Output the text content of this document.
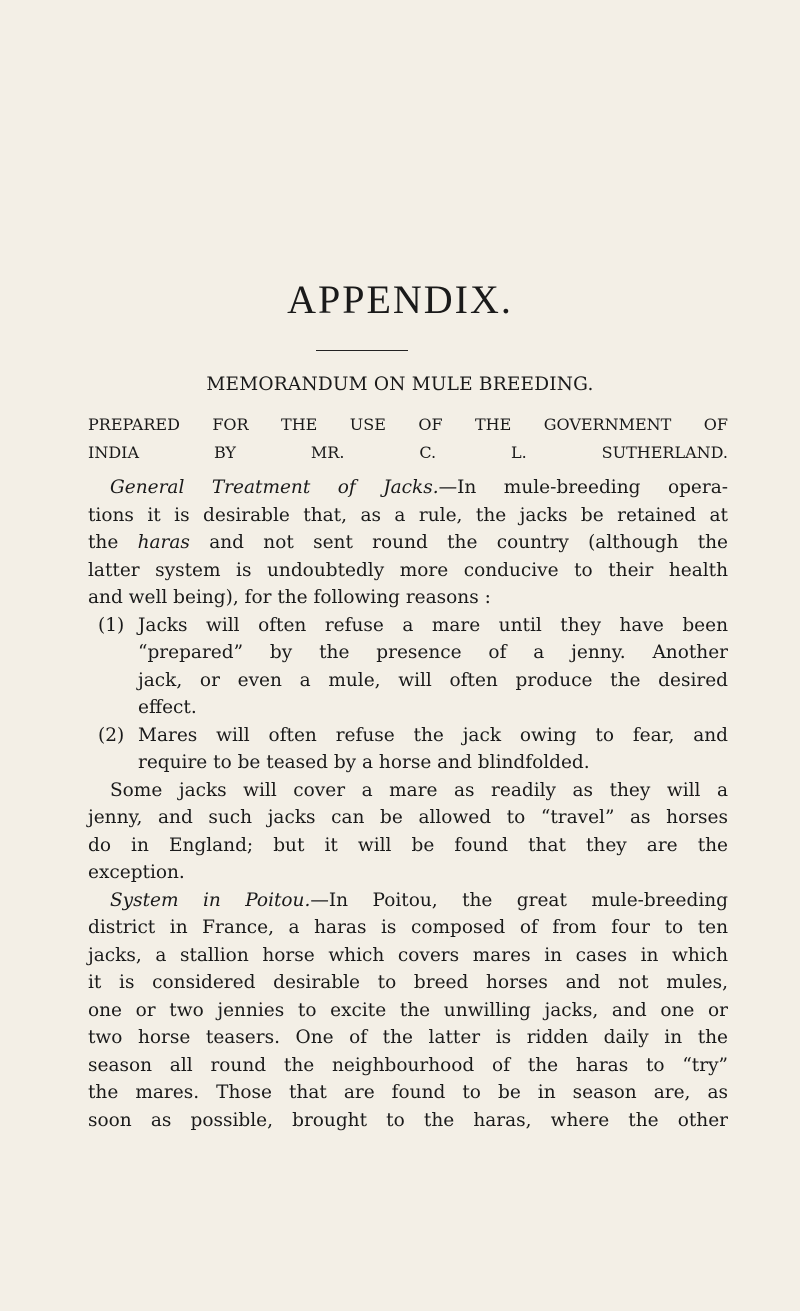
APPENDIX.
MEMORANDUM ON MULE BREEDING.
PREPARED FOR THE USE OF THE GOVERNMENT OF
INDIA BY MR. C. L. SUTHERLAND.
General Treatment of Jacks.—In mule-breeding opera-
tions it is desirable that, as a rule, the jacks be retained at
the haras and not sent round the country (although the
latter system is undoubtedly more conducive to their health
and well being), for the following reasons :
(1) Jacks will often refuse a mare until they have been
“prepared” by the presence of a jenny. Another
jack, or even a mule, will often produce the desired
effect.
(2) Mares will often refuse the jack owing to fear, and
require to be teased by a horse and blindfolded.
Some jacks will cover a mare as readily as they will a
jenny, and such jacks can be allowed to “travel” as horses
do in England; but it will be found that they are the
exception.
System in Poitou.—In Poitou, the great mule-breeding
district in France, a haras is composed of from four to ten
jacks, a stallion horse which covers mares in cases in which
it is considered desirable to breed horses and not mules,
one or two jennies to excite the unwilling jacks, and one or
two horse teasers. One of the latter is ridden daily in the
season all round the neighbourhood of the haras to “try”
the mares. Those that are found to be in season are, as
soon as possible, brought to the haras, where the other
